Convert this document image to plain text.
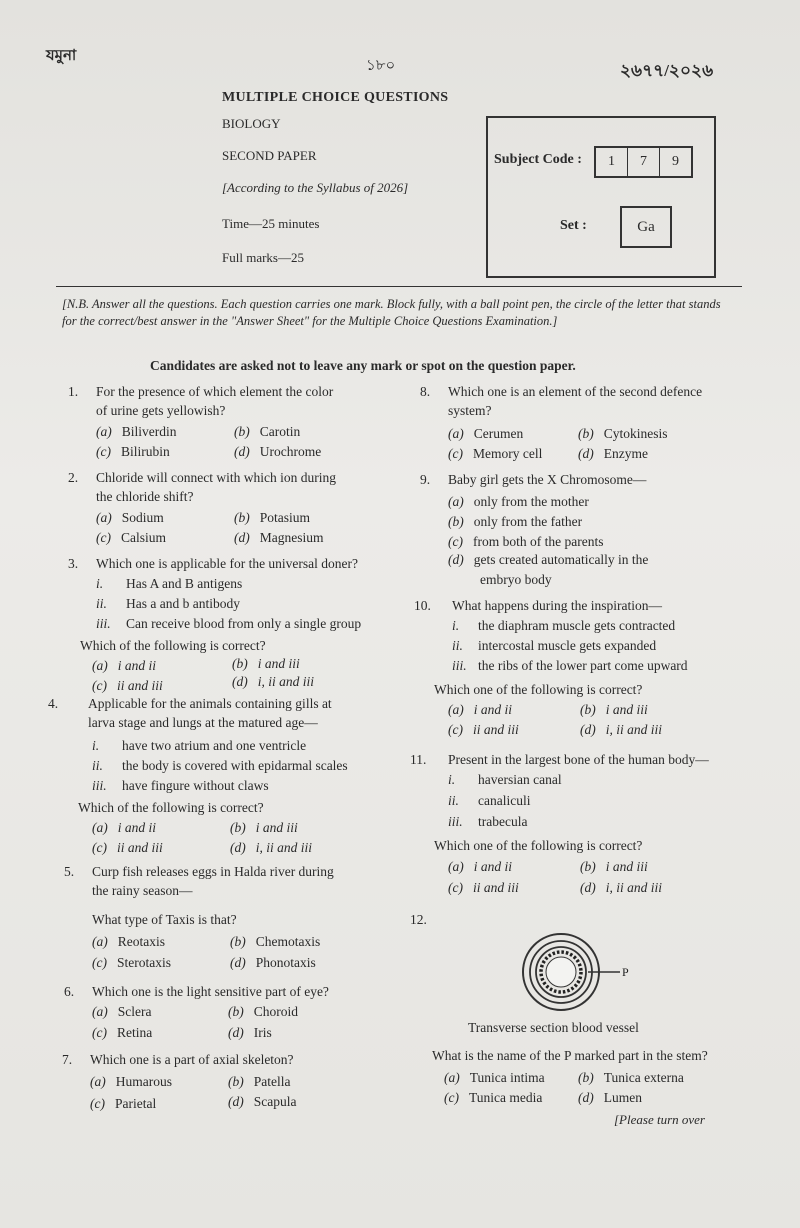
যমুনা
১৮০	২৬৭৭/২০২৬
MULTIPLE CHOICE QUESTIONS
BIOLOGY
SECOND PAPER
[According to the Syllabus of 2026]
Time—25 minutes
Full marks—25
Subject Code :	1	7	9
Set :	Ga
[N.B. Answer all the questions. Each question carries one mark. Block fully, with a ball point pen, the circle of the letter that stands for the correct/best answer in the "Answer Sheet" for the Multiple Choice Questions Examination.]
Candidates are asked not to leave any mark or spot on the question paper.
1. For the presence of which element the color
of urine gets yellowish?
(a) Biliverdin	(b) Carotin
(c) Bilirubin	(d) Urochrome
2. Chloride will connect with which ion during
the chloride shift?
(a) Sodium	(b) Potasium
(c) Calsium	(d) Magnesium
3. Which one is applicable for the universal doner?
i. Has A and B antigens
ii. Has a and b antibody
iii. Can receive blood from only a single group
Which of the following is correct?
(a) i and ii	(b) i and iii
(c) ii and iii	(d) i, ii and iii
4. Applicable for the animals containing gills at
larva stage and lungs at the matured age—
i. have two atrium and one ventricle
ii. the body is covered with epidarmal scales
iii. have fingure without claws
Which of the following is correct?
(a) i and ii	(b) i and iii
(c) ii and iii	(d) i, ii and iii
5. Curp fish releases eggs in Halda river during
the rainy season—
What type of Taxis is that?
(a) Reotaxis	(b) Chemotaxis
(c) Sterotaxis	(d) Phonotaxis
6. Which one is the light sensitive part of eye?
(a) Sclera	(b) Choroid
(c) Retina	(d) Iris
7. Which one is a part of axial skeleton?
(a) Humarous	(b) Patella
(c) Parietal	(d) Scapula
8. Which one is an element of the second defence
system?
(a) Cerumen	(b) Cytokinesis
(c) Memory cell	(d) Enzyme
9. Baby girl gets the X Chromosome—
(a) only from the mother
(b) only from the father
(c) from both of the parents
(d) gets created automatically in the
embryo body
10. What happens during the inspiration—
i. the diaphram muscle gets contracted
ii. intercostal muscle gets expanded
iii. the ribs of the lower part come upward
Which one of the following is correct?
(a) i and ii	(b) i and iii
(c) ii and iii	(d) i, ii and iii
11. Present in the largest bone of the human body—
i. haversian canal
ii. canaliculi
iii. trabecula
Which one of the following is correct?
(a) i and ii	(b) i and iii
(c) ii and iii	(d) i, ii and iii
12.
P
Transverse section blood vessel
What is the name of the P marked part in the stem?
(a) Tunica intima (b) Tunica externa
(c) Tunica media	(d) Lumen
[Please turn over
